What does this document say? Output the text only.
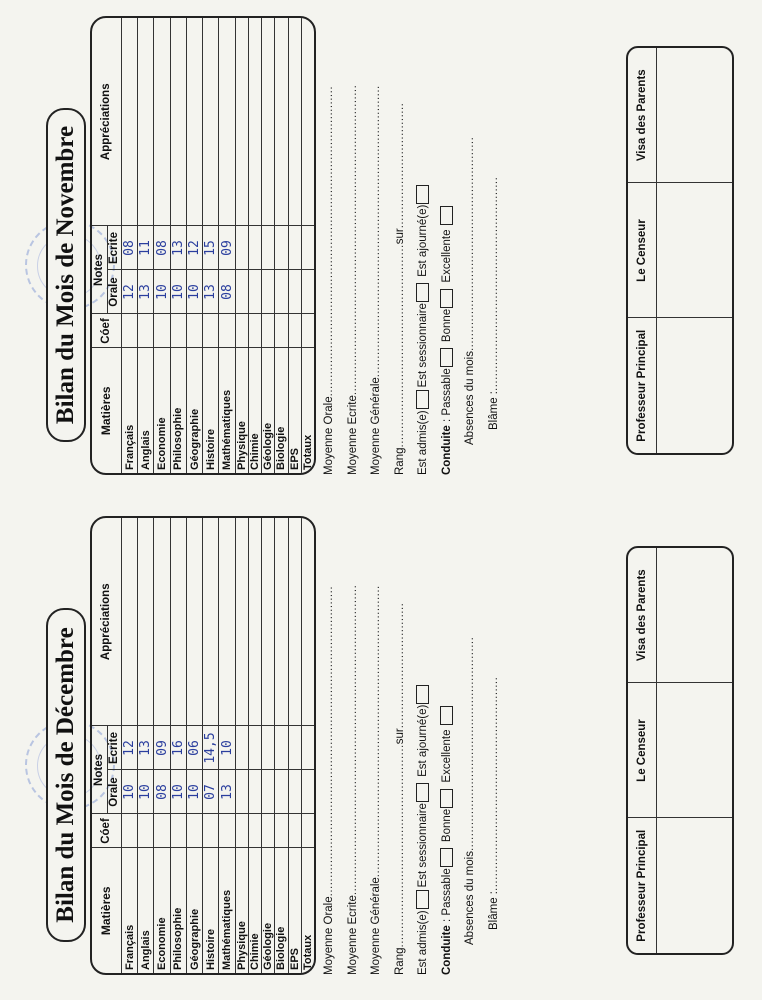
Bilan du Mois de Novembre	Matières	Cóef	Notes		Appréciations
		Orale	Ecrite	
Français		12	08	
Anglais		13	11	
Economie		10	08	
Philosophie		10	13	
Géographie		10	12	
Histoire		13	15	
Mathématiques		08	09	
Physique				
Chimie				
Géologie				
Biologie				
EPS				
Totaux				Moyenne Orale....................................................................................
Moyenne Ecrite....................................................................................
Moyenne Générale...............................................................................
Rang.......................................................sur..................................
Est admis(e)Est sessionnaire Est ajourné(e)
Conduite : Passable Bonne Excellente
Absences du mois..........................................................
Blâme :..........................................................	Professeur Principal	Le Censeur	Visa des Parents

Bilan du Mois de Décembre	Matières	Cóef	Notes		Appréciations
		Orale	Ecrite	
Français		10	12	
Anglais		10	13	
Economie		08	09	
Philosophie		10	16	
Géographie		10	06	
Histoire		07	14,5	
Mathématiques		13	10	
Physique				
Chimie				
Géologie				
Biologie				
EPS				
Totaux				Moyenne Orale....................................................................................
Moyenne Ecrite....................................................................................
Moyenne Générale...............................................................................
Rang.......................................................sur..................................
Est admis(e)Est sessionnaire Est ajourné(e)
Conduite : Passable Bonne Excellente
Absences du mois..........................................................
Blâme :..........................................................	Professeur Principal	Le Censeur	Visa des Parents
